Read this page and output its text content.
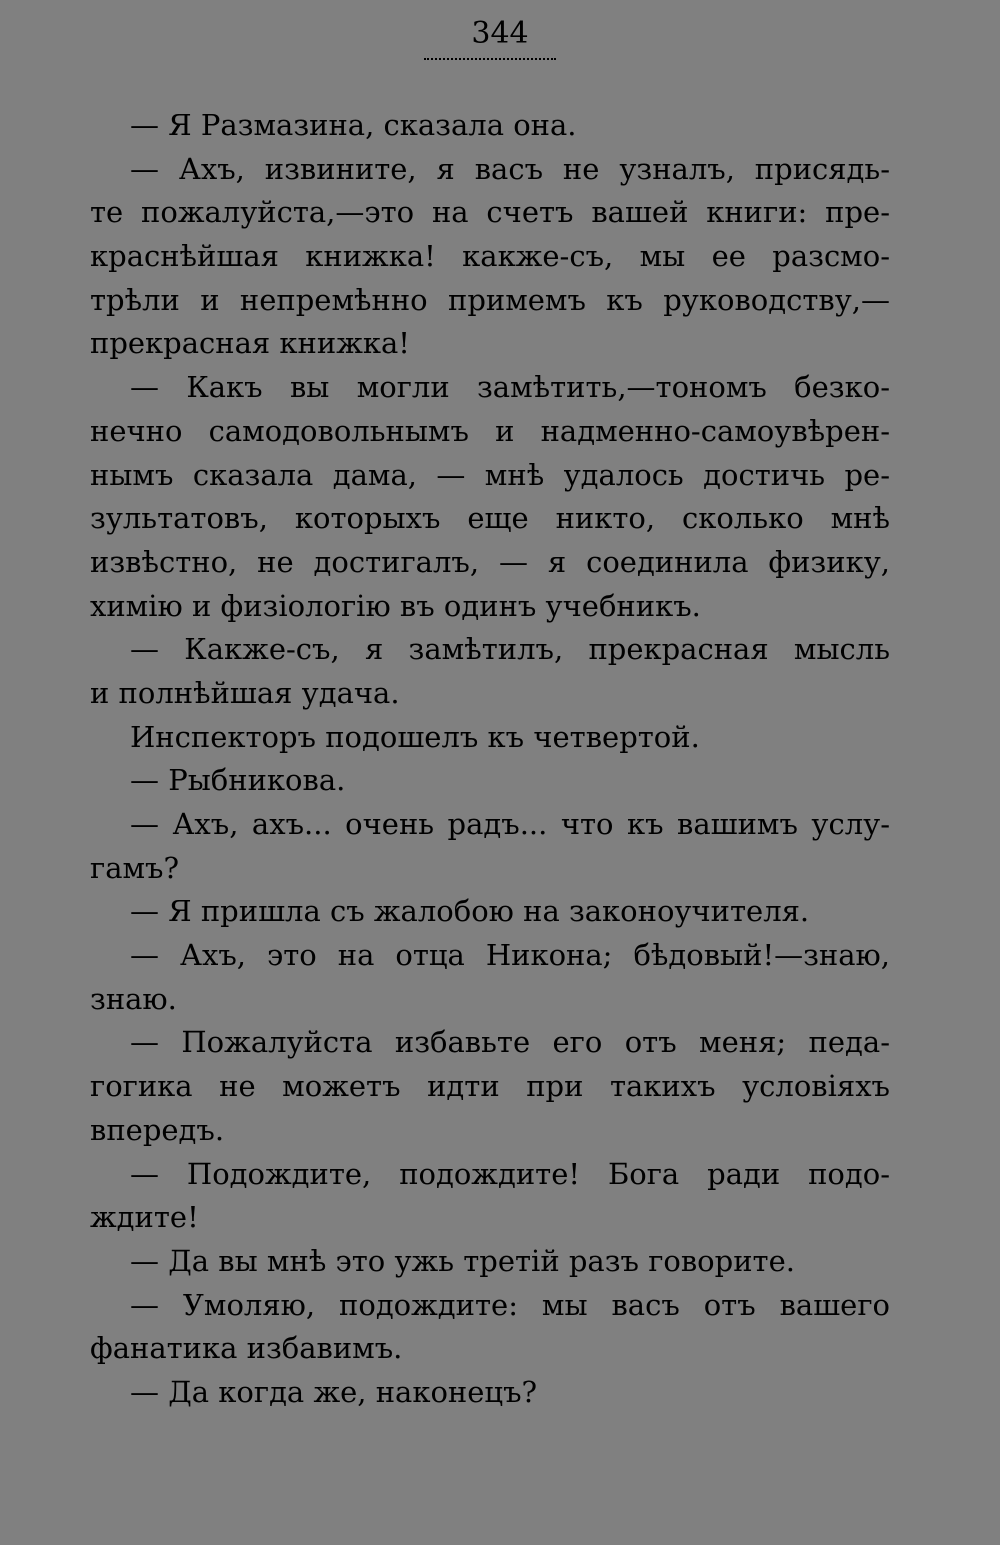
344
— Я Размазина, сказала она.
— Ахъ, извините, я васъ не узналъ, присядь-
те пожалуйста,—это на счетъ вашей книги: пре-
краснѣйшая книжка! какже-съ, мы ее разсмо-
трѣли и непремѣнно примемъ къ руководству,—
прекрасная книжка!
— Какъ вы могли замѣтить,—тономъ безко-
нечно самодовольнымъ и надменно-самоувѣрен-
нымъ сказала дама, — мнѣ удалось достичь ре-
зультатовъ, которыхъ еще никто, сколько мнѣ
извѣстно, не достигалъ, — я соединила физику,
химію и физіологію въ одинъ учебникъ.
— Какже-съ, я замѣтилъ, прекрасная мысль
и полнѣйшая удача.
Инспекторъ подошелъ къ четвертой.
— Рыбникова.
— Ахъ, ахъ... очень радъ... что къ вашимъ услу-
гамъ?
— Я пришла съ жалобою на законоучителя.
— Ахъ, это на отца Никона; бѣдовый!—знаю,
знаю.
— Пожалуйста избавьте его отъ меня; педа-
гогика не можетъ идти при такихъ условіяхъ
впередъ.
— Подождите, подождите! Бога ради подо-
ждите!
— Да вы мнѣ это ужь третій разъ говорите.
— Умоляю, подождите: мы васъ отъ вашего
фанатика избавимъ.
— Да когда же, наконецъ?
